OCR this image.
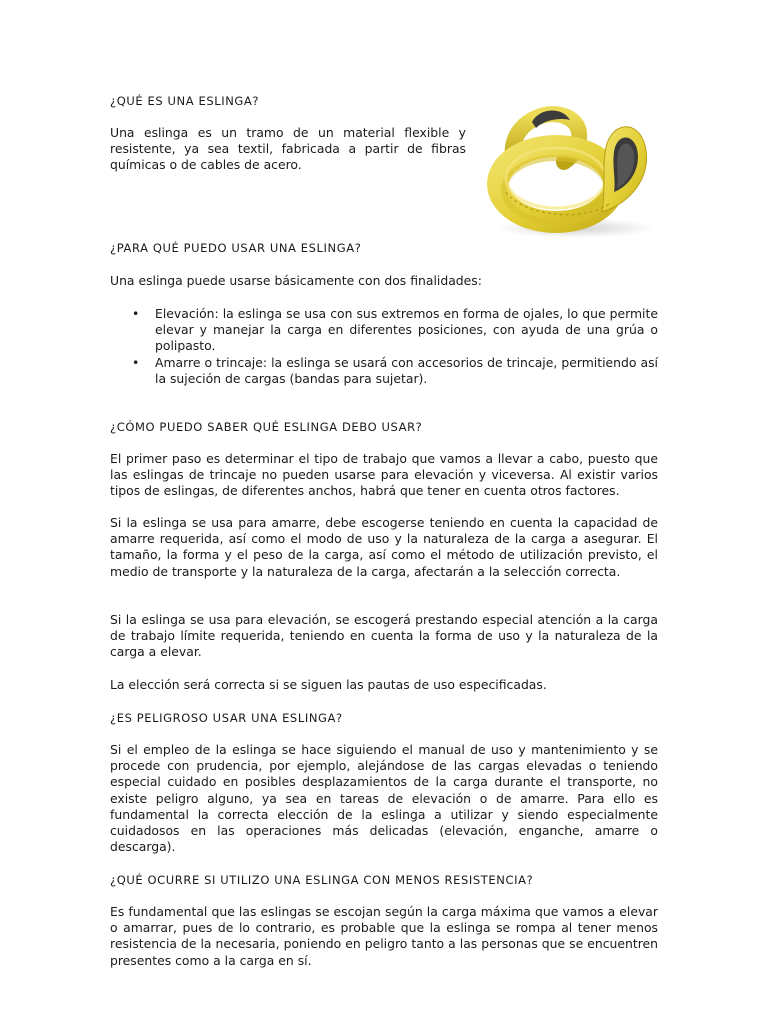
¿QUÉ ES UNA ESLINGA?

Una eslinga es un tramo de un material flexible y resistente, ya sea textil, fabricada a partir de fibras químicas o de cables de acero.

¿PARA QUÉ PUEDO USAR UNA ESLINGA?

Una eslinga puede usarse básicamente con dos finalidades:

• Elevación: la eslinga se usa con sus extremos en forma de ojales, lo que permite elevar y manejar la carga en diferentes posiciones, con ayuda de una grúa o polipasto.
• Amarre o trincaje: la eslinga se usará con accesorios de trincaje, permitiendo así la sujeción de cargas (bandas para sujetar).
¿CÓMO PUEDO SABER QUÉ ESLINGA DEBO USAR?

El primer paso es determinar el tipo de trabajo que vamos a llevar a cabo, puesto que las eslingas de trincaje no pueden usarse para elevación y viceversa. Al existir varios tipos de eslingas, de diferentes anchos, habrá que tener en cuenta otros factores.

Si la eslinga se usa para amarre, debe escogerse teniendo en cuenta la capacidad de amarre requerida, así como el modo de uso y la naturaleza de la carga a asegurar. El tamaño, la forma y el peso de la carga, así como el método de utilización previsto, el medio de transporte y la naturaleza de la carga, afectarán a la selección correcta.

Si la eslinga se usa para elevación, se escogerá prestando especial atención a la carga de trabajo límite requerida, teniendo en cuenta la forma de uso y la naturaleza de la carga a elevar.

La elección será correcta si se siguen las pautas de uso especificadas.

¿ES PELIGROSO USAR UNA ESLINGA?

Si el empleo de la eslinga se hace siguiendo el manual de uso y mantenimiento y se procede con prudencia, por ejemplo, alejándose de las cargas elevadas o teniendo especial cuidado en posibles desplazamientos de la carga durante el transporte, no existe peligro alguno, ya sea en tareas de elevación o de amarre. Para ello es fundamental la correcta elección de la eslinga a utilizar y siendo especialmente cuidadosos en las operaciones más delicadas (elevación, enganche, amarre o descarga).

¿QUÉ OCURRE SI UTILIZO UNA ESLINGA CON MENOS RESISTENCIA?

Es fundamental que las eslingas se escojan según la carga máxima que vamos a elevar o amarrar, pues de lo contrario, es probable que la eslinga se rompa al tener menos resistencia de la necesaria, poniendo en peligro tanto a las personas que se encuentren presentes como a la carga en sí.
